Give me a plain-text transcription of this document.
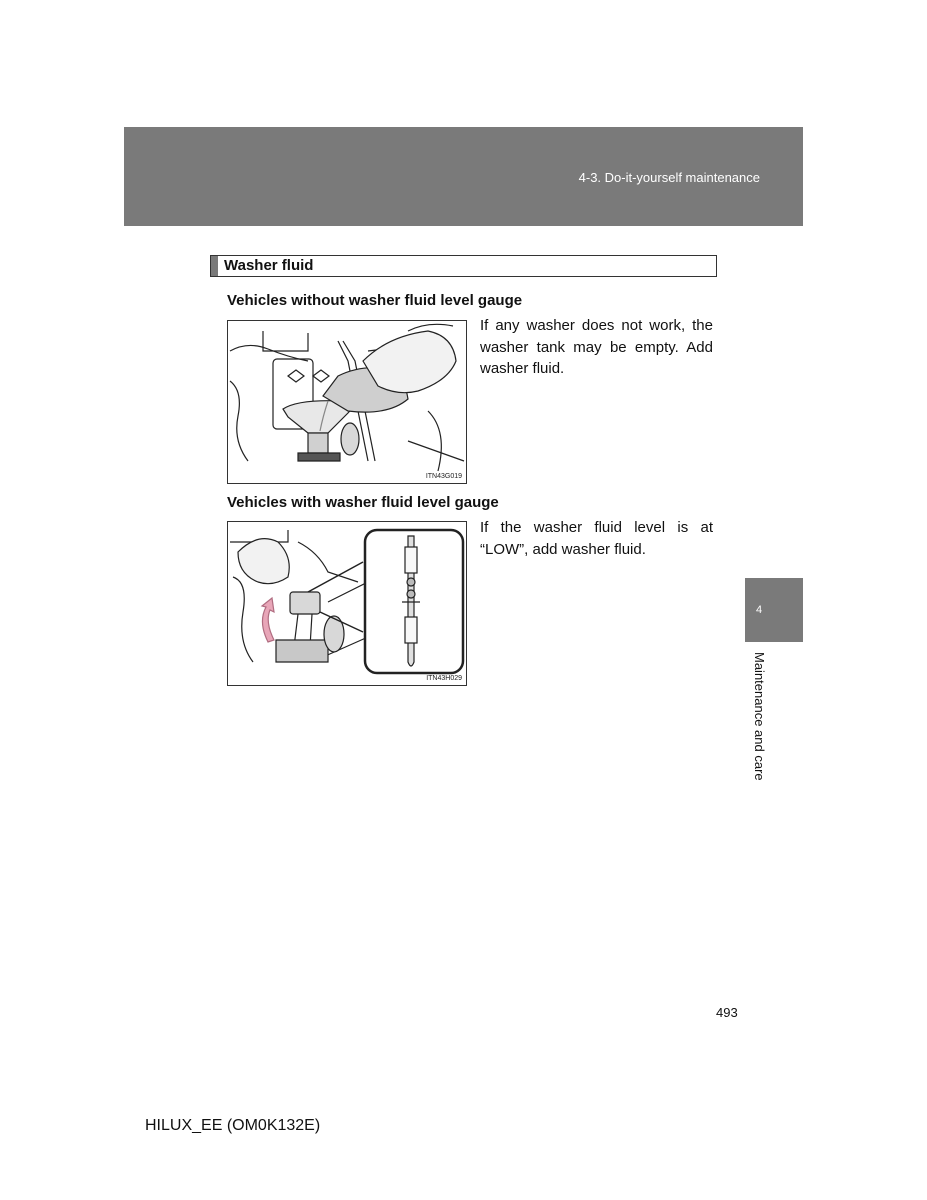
4-3. Do-it-yourself maintenance
Washer fluid
Vehicles without washer fluid level gauge
ITN43G019
If any washer does not work, the washer tank may be empty. Add washer fluid.
Vehicles with washer fluid level gauge
ITN43H029
If the washer fluid level is at “LOW”, add washer fluid.
4
Maintenance and care
493
HILUX_EE (OM0K132E)
